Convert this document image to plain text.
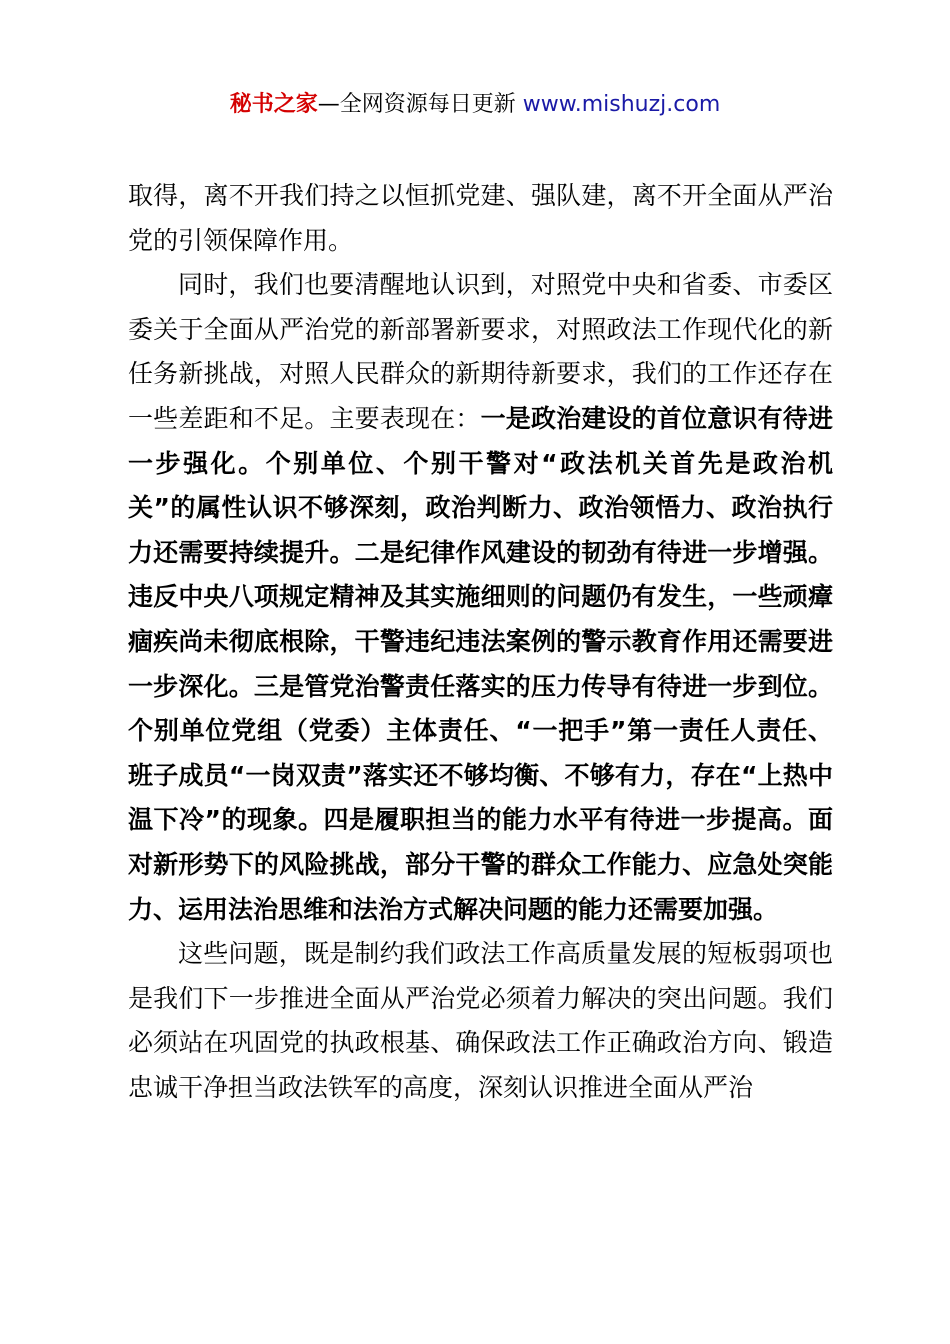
秘书之家—全网资源每日更新 www.mishuzj.com

取得，离不开我们持之以恒抓党建、强队建，离不开全面从严治党的引领保障作用。

同时，我们也要清醒地认识到，对照党中央和省委、市委区委关于全面从严治党的新部署新要求，对照政法工作现代化的新任务新挑战，对照人民群众的新期待新要求，我们的工作还存在一些差距和不足。主要表现在：一是政治建设的首位意识有待进一步强化。个别单位、个别干警对“政法机关首先是政治机关”的属性认识不够深刻，政治判断力、政治领悟力、政治执行力还需要持续提升。二是纪律作风建设的韧劲有待进一步增强。违反中央八项规定精神及其实施细则的问题仍有发生，一些顽瘴痼疾尚未彻底根除，干警违纪违法案例的警示教育作用还需要进一步深化。三是管党治警责任落实的压力传导有待进一步到位。个别单位党组（党委）主体责任、“一把手”第一责任人责任、班子成员“一岗双责”落实还不够均衡、不够有力，存在“上热中温下冷”的现象。四是履职担当的能力水平有待进一步提高。面对新形势下的风险挑战，部分干警的群众工作能力、应急处突能力、运用法治思维和法治方式解决问题的能力还需要加强。

这些问题，既是制约我们政法工作高质量发展的短板弱项也是我们下一步推进全面从严治党必须着力解决的突出问题。我们必须站在巩固党的执政根基、确保政法工作正确政治方向、锻造忠诚干净担当政法铁军的高度，深刻认识推进全面从严治
